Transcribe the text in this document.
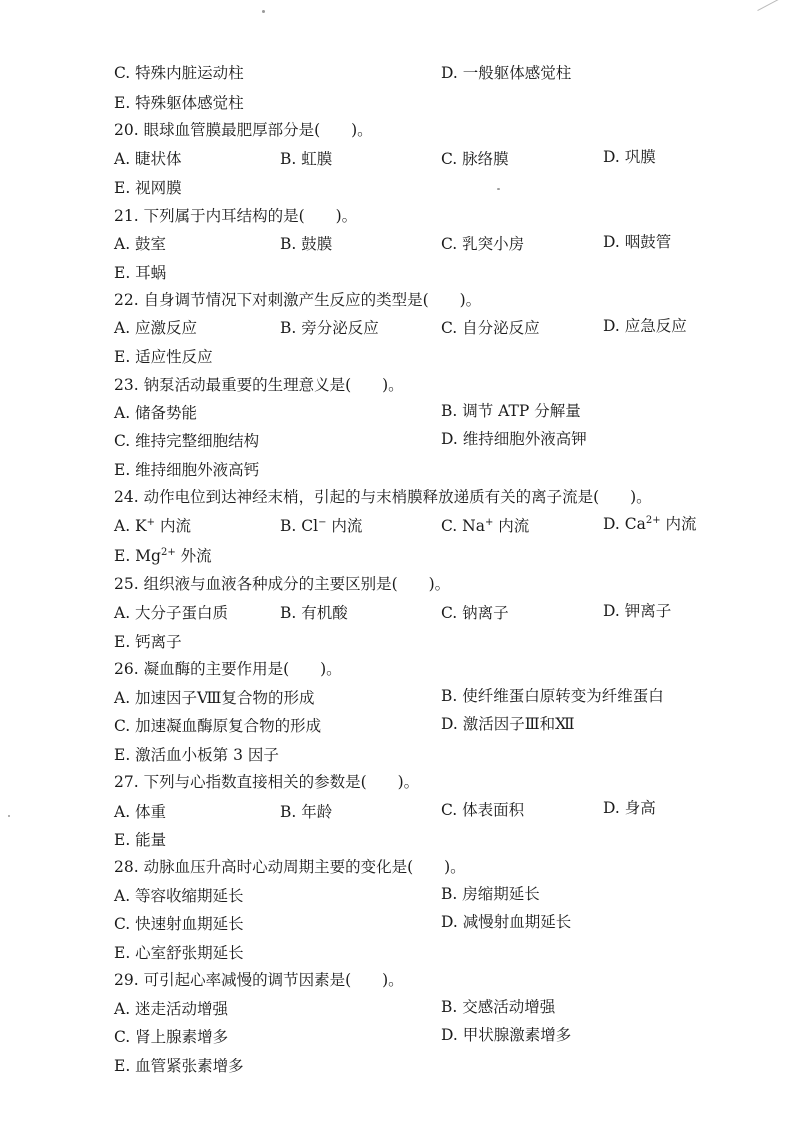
C. 特殊内脏运动柱	D. 一般躯体感觉柱
E. 特殊躯体感觉柱
20. 眼球血管膜最肥厚部分是(　　)。
A. 睫状体	B. 虹膜	C. 脉络膜	D. 巩膜
E. 视网膜
21. 下列属于内耳结构的是(　　)。
A. 鼓室	B. 鼓膜	C. 乳突小房	D. 咽鼓管
E. 耳蜗
22. 自身调节情况下对刺激产生反应的类型是(　　)。
A. 应激反应	B. 旁分泌反应	C. 自分泌反应	D. 应急反应
E. 适应性反应
23. 钠泵活动最重要的生理意义是(　　)。
A. 储备势能	B. 调节 ATP 分解量
C. 维持完整细胞结构	D. 维持细胞外液高钾
E. 维持细胞外液高钙
24. 动作电位到达神经末梢，引起的与末梢膜释放递质有关的离子流是(　　)。
A. K+ 内流	B. Cl− 内流	C. Na+ 内流	D. $Ca^{2+}$ 内流
E. $Mg^{2+}$ 外流
25. 组织液与血液各种成分的主要区别是(　　)。
A. 大分子蛋白质	B. 有机酸	C. 钠离子	D. 钾离子
E. 钙离子
26. 凝血酶的主要作用是(　　)。
A. 加速因子Ⅷ复合物的形成	B. 使纤维蛋白原转变为纤维蛋白
C. 加速凝血酶原复合物的形成	D. 激活因子Ⅲ和Ⅻ
E. 激活血小板第 3 因子
27. 下列与心指数直接相关的参数是(　　)。
A. 体重	B. 年龄	C. 体表面积	D. 身高
E. 能量
28. 动脉血压升高时心动周期主要的变化是(　　)。
A. 等容收缩期延长	B. 房缩期延长
C. 快速射血期延长	D. 减慢射血期延长
E. 心室舒张期延长
29. 可引起心率减慢的调节因素是(　　)。
A. 迷走活动增强	B. 交感活动增强
C. 肾上腺素增多	D. 甲状腺激素增多
E. 血管紧张素增多
